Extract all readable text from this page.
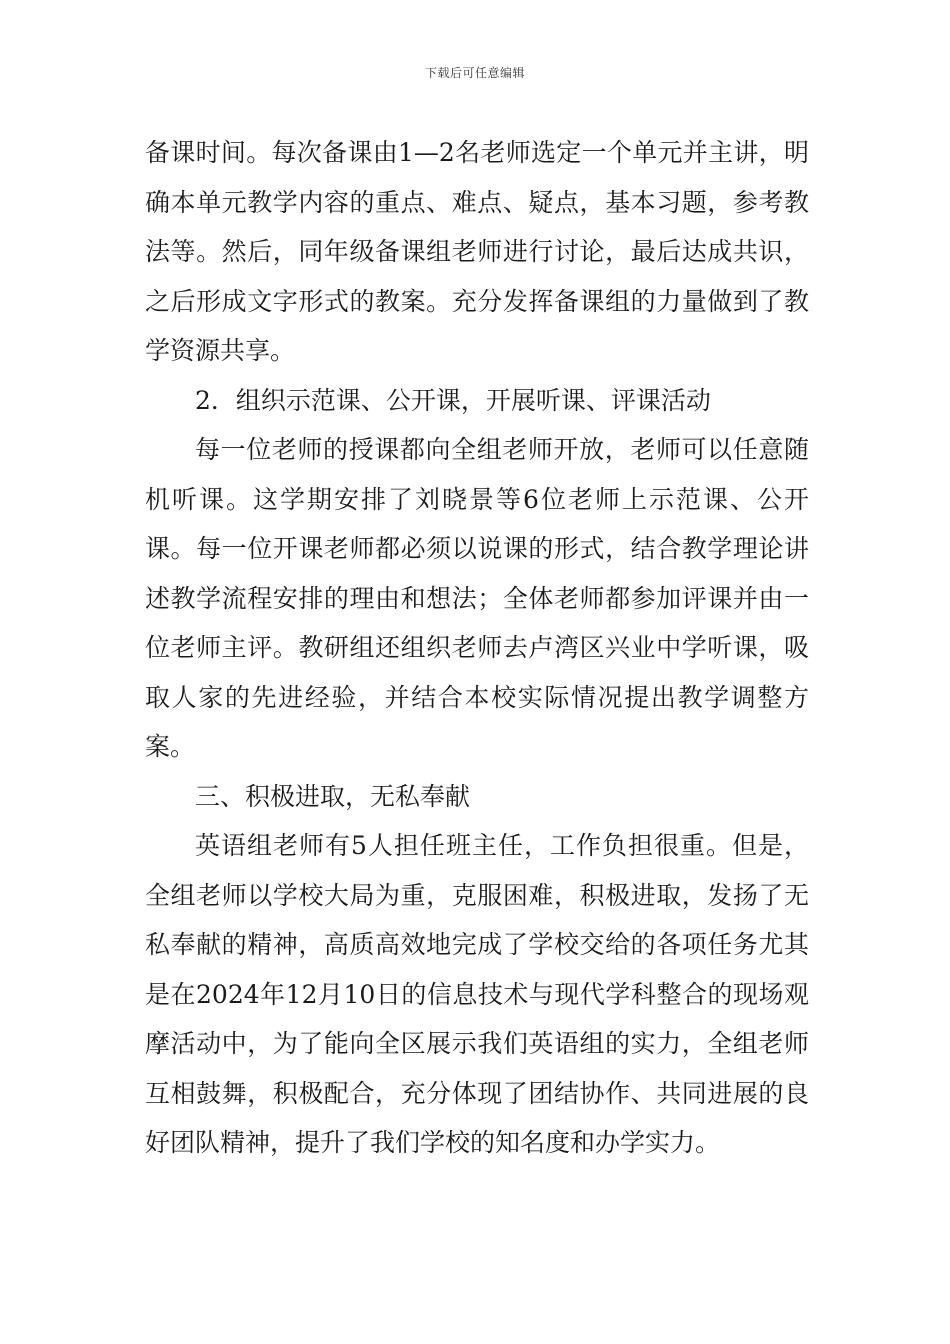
下载后可任意编辑

备课时间。每次备课由1—2名老师选定一个单元并主讲，明确本单元教学内容的重点、难点、疑点，基本习题，参考教法等。然后，同年级备课组老师进行讨论，最后达成共识，之后形成文字形式的教案。充分发挥备课组的力量做到了教学资源共享。

2．组织示范课、公开课，开展听课、评课活动

每一位老师的授课都向全组老师开放，老师可以任意随机听课。这学期安排了刘晓景等6位老师上示范课、公开课。每一位开课老师都必须以说课的形式，结合教学理论讲述教学流程安排的理由和想法；全体老师都参加评课并由一位老师主评。教研组还组织老师去卢湾区兴业中学听课，吸取人家的先进经验，并结合本校实际情况提出教学调整方案。

三、积极进取，无私奉献

英语组老师有5人担任班主任，工作负担很重。但是，全组老师以学校大局为重，克服困难，积极进取，发扬了无私奉献的精神，高质高效地完成了学校交给的各项任务尤其是在2024年12月10日的信息技术与现代学科整合的现场观摩活动中，为了能向全区展示我们英语组的实力，全组老师互相鼓舞，积极配合，充分体现了团结协作、共同进展的良好团队精神，提升了我们学校的知名度和办学实力。
